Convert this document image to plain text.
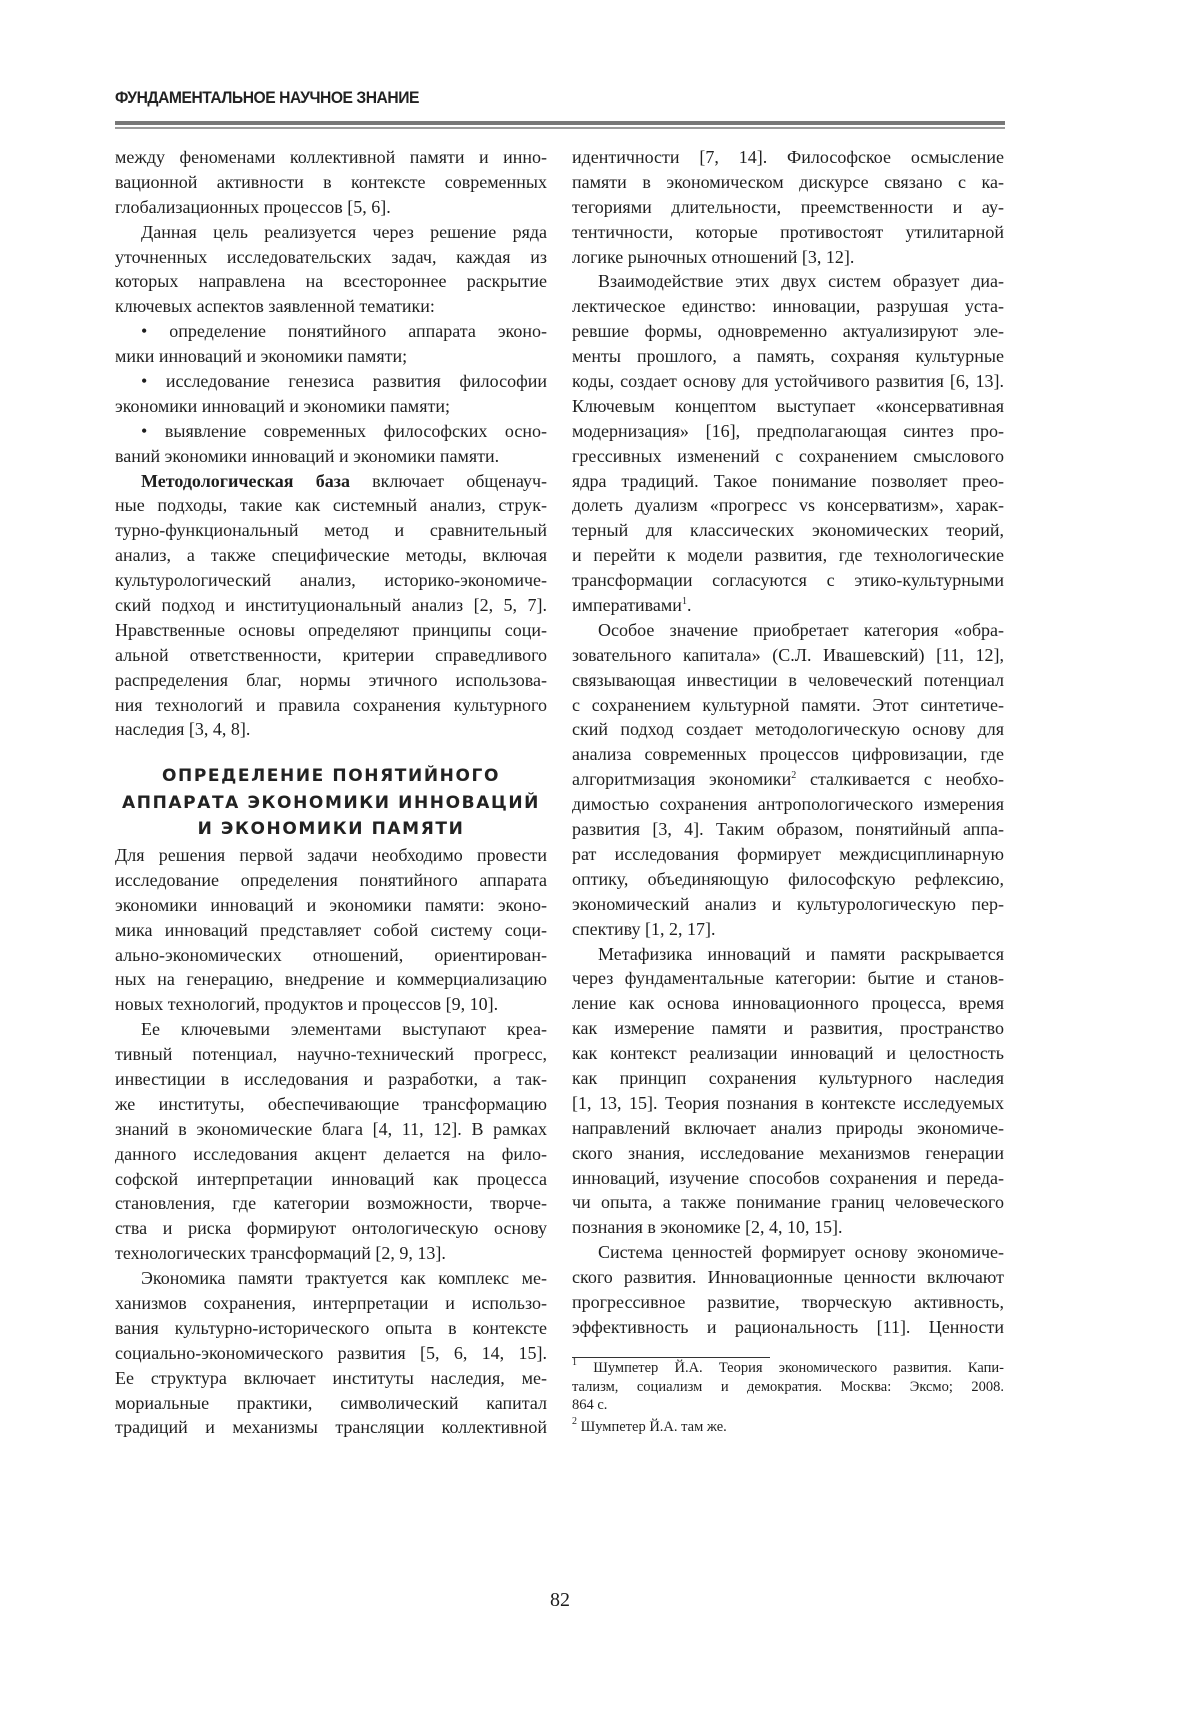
ФУНДАМЕНТАЛЬНОЕ НАУЧНОЕ ЗНАНИЕ
между феноменами коллективной памяти и инно-
вационной активности в контексте современных
глобализационных процессов [5, 6].
Данная цель реализуется через решение ряда
уточненных исследовательских задач, каждая из
которых направлена на всестороннее раскрытие
ключевых аспектов заявленной тематики:
• определение понятийного аппарата эконо-
мики инноваций и экономики памяти;
• исследование генезиса развития философии
экономики инноваций и экономики памяти;
• выявление современных философских осно-
ваний экономики инноваций и экономики памяти.
Методологическая база включает общенауч-
ные подходы, такие как системный анализ, струк-
турно-функциональный метод и сравнительный
анализ, а также специфические методы, включая
культурологический анализ, историко-экономиче-
ский подход и институциональный анализ [2, 5, 7].
Нравственные основы определяют принципы соци-
альной ответственности, критерии справедливого
распределения благ, нормы этичного использова-
ния технологий и правила сохранения культурного
наследия [3, 4, 8].
ОПРЕДЕЛЕНИЕ ПОНЯТИЙНОГО
АППАРАТА ЭКОНОМИКИ ИННОВАЦИЙ
И ЭКОНОМИКИ ПАМЯТИ
Для решения первой задачи необходимо провести
исследование определения понятийного аппарата
экономики инноваций и экономики памяти: эконо-
мика инноваций представляет собой систему соци-
ально-экономических отношений, ориентирован-
ных на генерацию, внедрение и коммерциализацию
новых технологий, продуктов и процессов [9, 10].
Ее ключевыми элементами выступают креа-
тивный потенциал, научно-технический прогресс,
инвестиции в исследования и разработки, а так-
же институты, обеспечивающие трансформацию
знаний в экономические блага [4, 11, 12]. В рамках
данного исследования акцент делается на фило-
софской интерпретации инноваций как процесса
становления, где категории возможности, творче-
ства и риска формируют онтологическую основу
технологических трансформаций [2, 9, 13].
Экономика памяти трактуется как комплекс ме-
ханизмов сохранения, интерпретации и использо-
вания культурно-исторического опыта в контексте
социально-экономического развития [5, 6, 14, 15].
Ее структура включает институты наследия, ме-
мориальные практики, символический капитал
традиций и механизмы трансляции коллективной
идентичности [7, 14]. Философское осмысление
памяти в экономическом дискурсе связано с ка-
тегориями длительности, преемственности и ау-
тентичности, которые противостоят утилитарной
логике рыночных отношений [3, 12].
Взаимодействие этих двух систем образует диа-
лектическое единство: инновации, разрушая уста-
ревшие формы, одновременно актуализируют эле-
менты прошлого, а память, сохраняя культурные
коды, создает основу для устойчивого развития [6, 13].
Ключевым концептом выступает «консервативная
модернизация» [16], предполагающая синтез про-
грессивных изменений с сохранением смыслового
ядра традиций. Такое понимание позволяет прео-
долеть дуализм «прогресс vs консерватизм», харак-
терный для классических экономических теорий,
и перейти к модели развития, где технологические
трансформации согласуются с этико-культурными
императивами1.
Особое значение приобретает категория «обра-
зовательного капитала» (С.Л. Ивашевский) [11, 12],
связывающая инвестиции в человеческий потенциал
с сохранением культурной памяти. Этот синтетиче-
ский подход создает методологическую основу для
анализа современных процессов цифровизации, где
алгоритмизация экономики2 сталкивается с необхо-
димостью сохранения антропологического измерения
развития [3, 4]. Таким образом, понятийный аппа-
рат исследования формирует междисциплинарную
оптику, объединяющую философскую рефлексию,
экономический анализ и культурологическую пер-
спективу [1, 2, 17].
Метафизика инноваций и памяти раскрывается
через фундаментальные категории: бытие и станов-
ление как основа инновационного процесса, время
как измерение памяти и развития, пространство
как контекст реализации инноваций и целостность
как принцип сохранения культурного наследия
[1, 13, 15]. Теория познания в контексте исследуемых
направлений включает анализ природы экономиче-
ского знания, исследование механизмов генерации
инноваций, изучение способов сохранения и переда-
чи опыта, а также понимание границ человеческого
познания в экономике [2, 4, 10, 15].
Система ценностей формирует основу экономиче-
ского развития. Инновационные ценности включают
прогрессивное развитие, творческую активность,
эффективность и рациональность [11]. Ценности
1 Шумпетер Й.А. Теория экономического развития. Капи-
тализм, социализм и демократия. Москва: Эксмо; 2008.
864 с.
2 Шумпетер Й.А. там же.
82
